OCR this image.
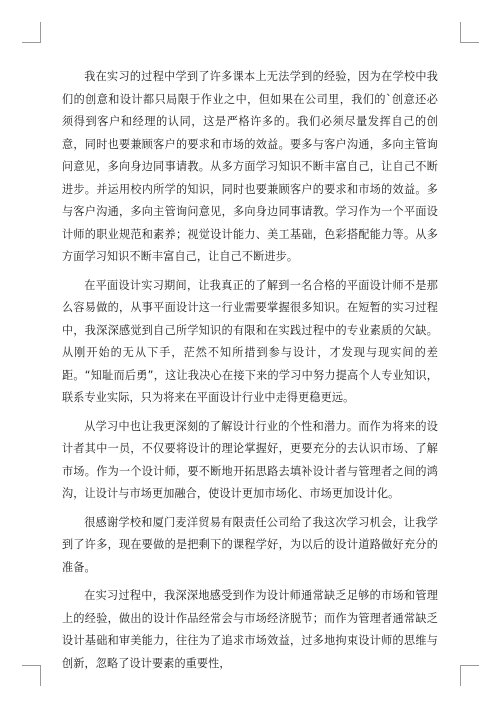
我在实习的过程中学到了许多课本上无法学到的经验，因为在学校中我们的创意和设计都只局限于作业之中，但如果在公司里，我们的`创意还必须得到客户和经理的认同，这是严格许多的。我们必须尽量发挥自己的创意，同时也要兼顾客户的要求和市场的效益。要多与客户沟通，多向主管询问意见，多向身边同事请教。从多方面学习知识不断丰富自己，让自己不断进步。并运用校内所学的知识，同时也要兼顾客户的要求和市场的效益。多与客户沟通，多向主管询问意见，多向身边同事请教。学习作为一个平面设计师的职业规范和素养；视觉设计能力、美工基础，色彩搭配能力等。从多方面学习知识不断丰富自己，让自己不断进步。

在平面设计实习期间，让我真正的了解到一名合格的平面设计师不是那么容易做的，从事平面设计这一行业需要掌握很多知识。在短暂的实习过程中，我深深感觉到自己所学知识的有限和在实践过程中的专业素质的欠缺。从刚开始的无从下手，茫然不知所措到参与设计，才发现与现实间的差距。“知耻而后勇”，这让我决心在接下来的学习中努力提高个人专业知识，联系专业实际，只为将来在平面设计行业中走得更稳更远。

从学习中也让我更深刻的了解设计行业的个性和潜力。而作为将来的设计者其中一员，不仅要将设计的理论掌握好，更要充分的去认识市场、了解市场。作为一个设计师，要不断地开拓思路去填补设计者与管理者之间的鸿沟，让设计与市场更加融合，使设计更加市场化、市场更加设计化。

很感谢学校和厦门麦洋贸易有限责任公司给了我这次学习机会，让我学到了许多，现在要做的是把剩下的课程学好，为以后的设计道路做好充分的准备。

在实习过程中，我深深地感受到作为设计师通常缺乏足够的市场和管理上的经验，做出的设计作品经常会与市场经济脱节；而作为管理者通常缺乏设计基础和审美能力，往往为了追求市场效益，过多地拘束设计师的思维与创新，忽略了设计要素的重要性，
